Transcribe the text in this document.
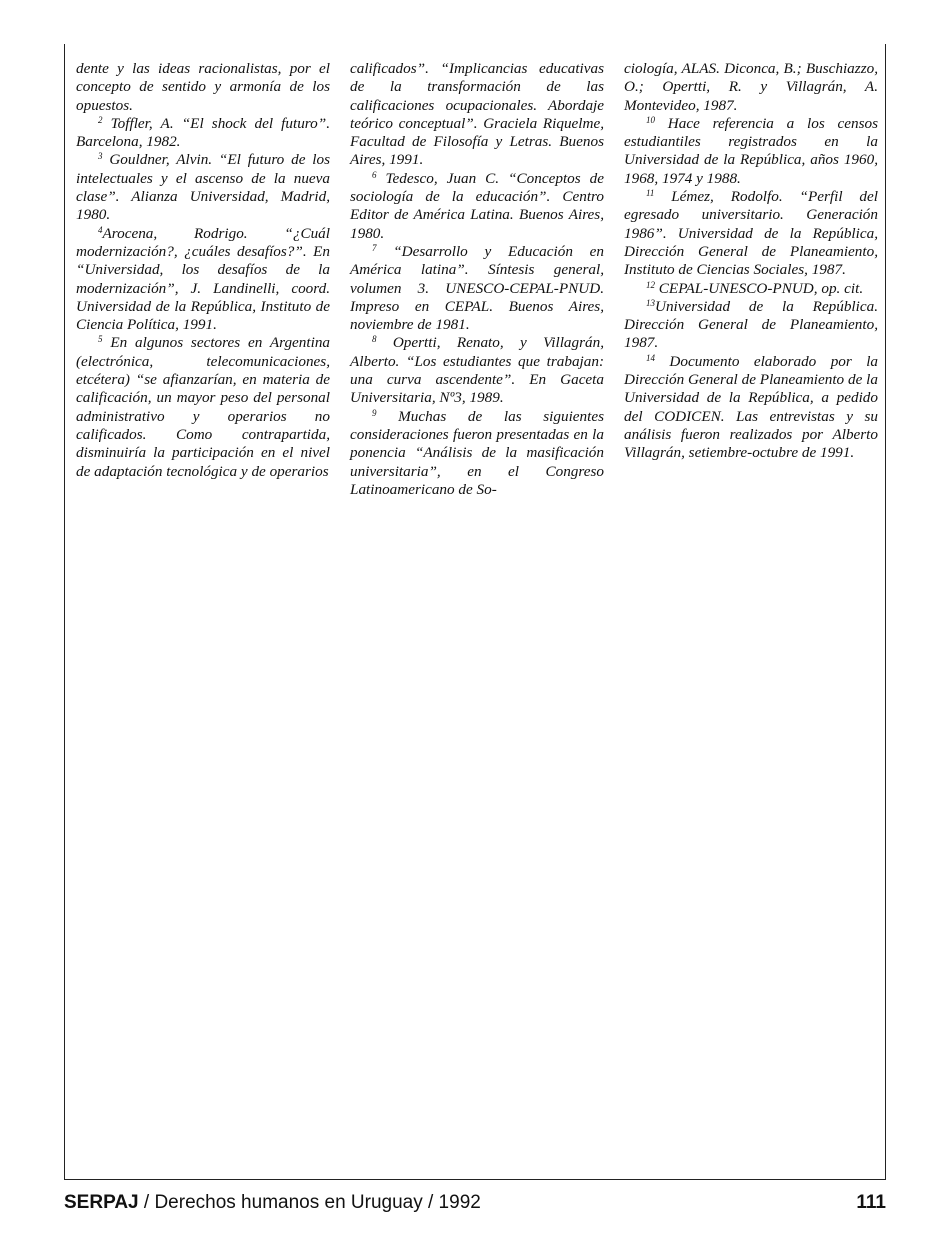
dente y las ideas racionalistas, por el concepto de sentido y armonía de los opuestos.

$^2$ Toffler, A. “El shock del futuro”. Barcelona, 1982.

$^3$ Gouldner, Alvin. “El futuro de los intelectuales y el ascenso de la nueva clase”. Alianza Universidad, Madrid, 1980.

$^4$Arocena, Rodrigo. “¿Cuál modernización?, ¿cuáles desafíos?”. En “Universidad, los desafíos de la modernización”, J. Landinelli, coord. Universidad de la República, Instituto de Ciencia Política, 1991.

$^5$ En algunos sectores en Argentina (electrónica, telecomunicaciones, etcétera) “se afianzarían, en materia de calificación, un mayor peso del personal administrativo y operarios no calificados. Como contrapartida, disminuiría la participación en el nivel de adaptación tecnológica y de operarios

calificados”. “Implicancias educativas de la transformación de las calificaciones ocupacionales. Abordaje teórico conceptual”. Graciela Riquelme, Facultad de Filosofía y Letras. Buenos Aires, 1991.

$^6$ Tedesco, Juan C. “Conceptos de sociología de la educación”. Centro Editor de América Latina. Buenos Aires, 1980.

$^7$ “Desarrollo y Educación en América latina”. Síntesis general, volumen 3. UNESCO-CEPAL-PNUD. Impreso en CEPAL. Buenos Aires, noviembre de 1981.

$^8$ Opertti, Renato, y Villagrán, Alberto. “Los estudiantes que trabajan: una curva ascendente”. En Gaceta Universitaria, Nº3, 1989.

$^9$ Muchas de las siguientes consideraciones fueron presentadas en la ponencia “Análisis de la masificación universitaria”, en el Congreso Latinoamericano de So-

ciología, ALAS. Diconca, B.; Buschiazzo, O.; Opertti, R. y Villagrán, A. Montevideo, 1987.

$^{10}$ Hace referencia a los censos estudiantiles registrados en la Universidad de la República, años 1960, 1968, 1974 y 1988.

$^{11}$ Lémez, Rodolfo. “Perfil del egresado universitario. Generación 1986”. Universidad de la República, Dirección General de Planeamiento, Instituto de Ciencias Sociales, 1987.

$^{12}$ CEPAL-UNESCO-PNUD, op. cit.

$^{13}$Universidad de la República. Dirección General de Planeamiento, 1987.

$^{14}$ Documento elaborado por la Dirección General de Planeamiento de la Universidad de la República, a pedido del CODICEN. Las entrevistas y su análisis fueron realizados por Alberto Villagrán, setiembre-octubre de 1991.

SERPAJ / Derechos humanos en Uruguay / 1992	111
